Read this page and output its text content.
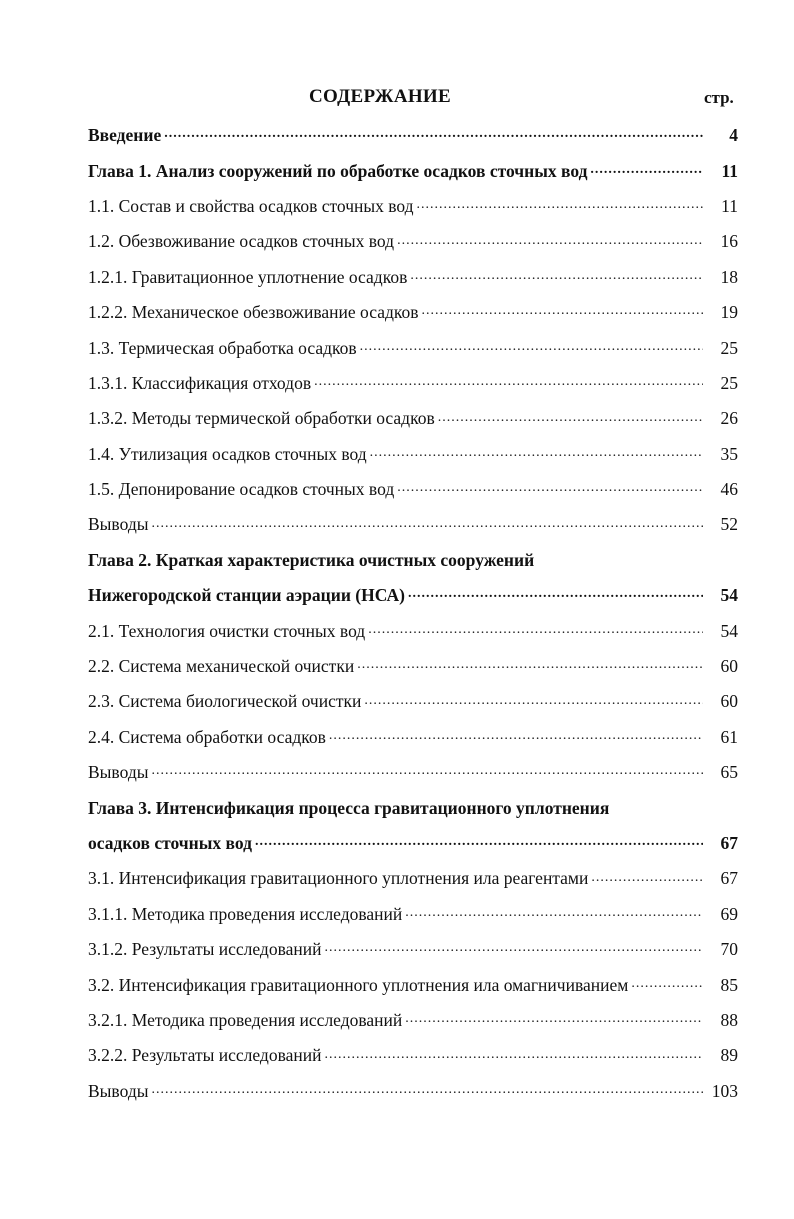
СОДЕРЖАНИЕ	стр.
Введение .....	4
Глава 1. Анализ сооружений по обработке осадков сточных вод .....	11
1.1. Состав и свойства осадков сточных вод .....	11
1.2. Обезвоживание осадков сточных вод .....	16
1.2.1. Гравитационное уплотнение осадков .....	18
1.2.2. Механическое обезвоживание осадков .....	19
1.3. Термическая обработка осадков .....	25
1.3.1. Классификация отходов .....	25
1.3.2. Методы термической обработки осадков .....	26
1.4. Утилизация осадков сточных вод .....	35
1.5. Депонирование осадков сточных вод .....	46
Выводы .....	52
Глава 2. Краткая характеристика очистных сооружений
Нижегородской станции аэрации (НСА) .....	54
2.1. Технология очистки сточных вод .....	54
2.2. Система механической очистки .....	60
2.3. Система биологической очистки .....	60
2.4. Система обработки осадков .....	61
Выводы .....	65
Глава 3. Интенсификация процесса гравитационного уплотнения
осадков сточных вод .....	67
3.1. Интенсификация гравитационного уплотнения ила реагентами .....	67
3.1.1. Методика проведения исследований .....	69
3.1.2. Результаты исследований .....	70
3.2. Интенсификация гравитационного уплотнения ила омагничиванием .....	85
3.2.1. Методика проведения исследований .....	88
3.2.2. Результаты исследований .....	89
Выводы .....	103
